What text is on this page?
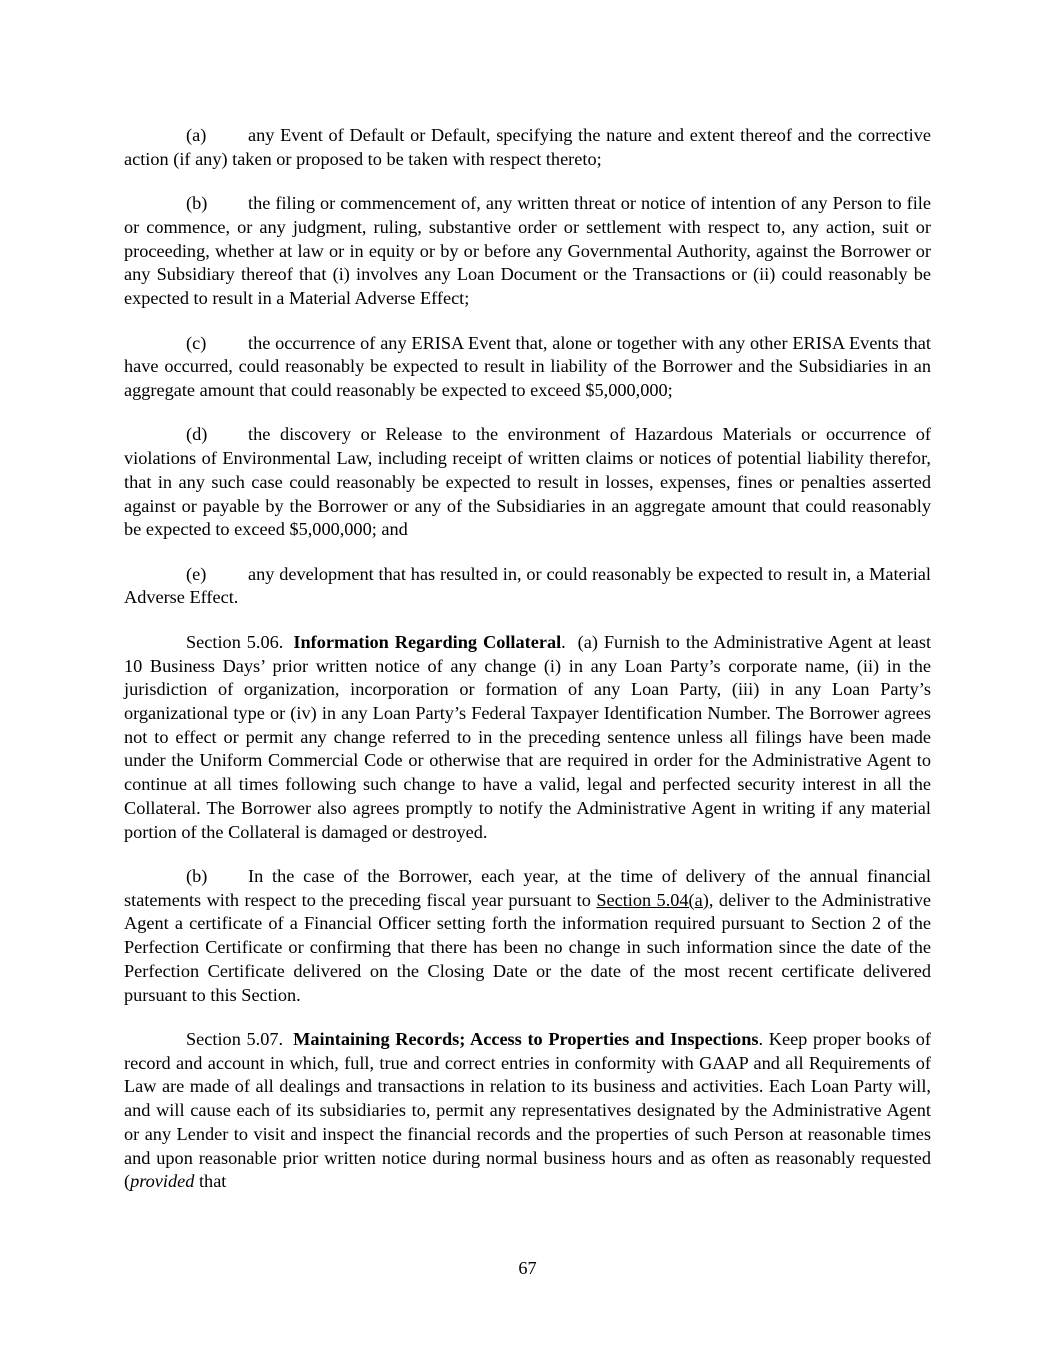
(a) any Event of Default or Default, specifying the nature and extent thereof and the corrective action (if any) taken or proposed to be taken with respect thereto;

(b) the filing or commencement of, any written threat or notice of intention of any Person to file or commence, or any judgment, ruling, substantive order or settlement with respect to, any action, suit or proceeding, whether at law or in equity or by or before any Governmental Authority, against the Borrower or any Subsidiary thereof that (i) involves any Loan Document or the Transactions or (ii) could reasonably be expected to result in a Material Adverse Effect;

(c) the occurrence of any ERISA Event that, alone or together with any other ERISA Events that have occurred, could reasonably be expected to result in liability of the Borrower and the Subsidiaries in an aggregate amount that could reasonably be expected to exceed $5,000,000;

(d) the discovery or Release to the environment of Hazardous Materials or occurrence of violations of Environmental Law, including receipt of written claims or notices of potential liability therefor, that in any such case could reasonably be expected to result in losses, expenses, fines or penalties asserted against or payable by the Borrower or any of the Subsidiaries in an aggregate amount that could reasonably be expected to exceed $5,000,000; and

(e) any development that has resulted in, or could reasonably be expected to result in, a Material Adverse Effect.

Section 5.06. Information Regarding Collateral. (a) Furnish to the Administrative Agent at least 10 Business Days’ prior written notice of any change (i) in any Loan Party’s corporate name, (ii) in the jurisdiction of organization, incorporation or formation of any Loan Party, (iii) in any Loan Party’s organizational type or (iv) in any Loan Party’s Federal Taxpayer Identification Number. The Borrower agrees not to effect or permit any change referred to in the preceding sentence unless all filings have been made under the Uniform Commercial Code or otherwise that are required in order for the Administrative Agent to continue at all times following such change to have a valid, legal and perfected security interest in all the Collateral. The Borrower also agrees promptly to notify the Administrative Agent in writing if any material portion of the Collateral is damaged or destroyed.

(b) In the case of the Borrower, each year, at the time of delivery of the annual financial statements with respect to the preceding fiscal year pursuant to Section 5.04(a), deliver to the Administrative Agent a certificate of a Financial Officer setting forth the information required pursuant to Section 2 of the Perfection Certificate or confirming that there has been no change in such information since the date of the Perfection Certificate delivered on the Closing Date or the date of the most recent certificate delivered pursuant to this Section.

Section 5.07. Maintaining Records; Access to Properties and Inspections. Keep proper books of record and account in which, full, true and correct entries in conformity with GAAP and all Requirements of Law are made of all dealings and transactions in relation to its business and activities. Each Loan Party will, and will cause each of its subsidiaries to, permit any representatives designated by the Administrative Agent or any Lender to visit and inspect the financial records and the properties of such Person at reasonable times and upon reasonable prior written notice during normal business hours and as often as reasonably requested (provided that

67
